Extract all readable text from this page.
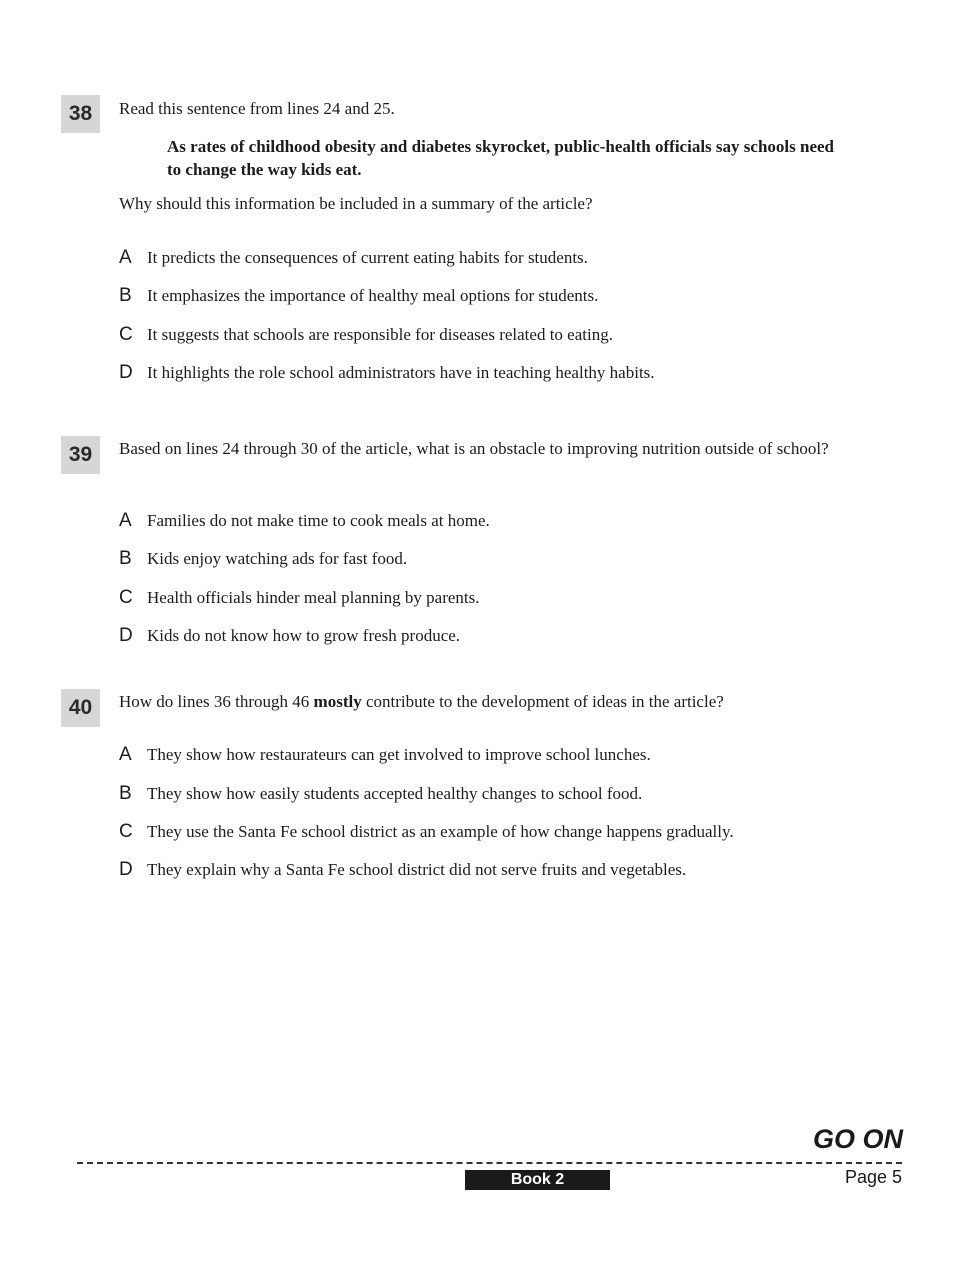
38	Read this sentence from lines 24 and 25.
As rates of childhood obesity and diabetes skyrocket, public-health officials say schools need to change the way kids eat.
Why should this information be included in a summary of the article?
A It predicts the consequences of current eating habits for students.
B It emphasizes the importance of healthy meal options for students.
C It suggests that schools are responsible for diseases related to eating.
D It highlights the role school administrators have in teaching healthy habits.
39	Based on lines 24 through 30 of the article, what is an obstacle to improving nutrition outside of school?
A Families do not make time to cook meals at home.
B Kids enjoy watching ads for fast food.
C Health officials hinder meal planning by parents.
D Kids do not know how to grow fresh produce.
40	How do lines 36 through 46 mostly contribute to the development of ideas in the article?
A They show how restaurateurs can get involved to improve school lunches.
B They show how easily students accepted healthy changes to school food.
C They use the Santa Fe school district as an example of how change happens gradually.
D They explain why a Santa Fe school district did not serve fruits and vegetables.
GO ON
Book 2	Page 5
